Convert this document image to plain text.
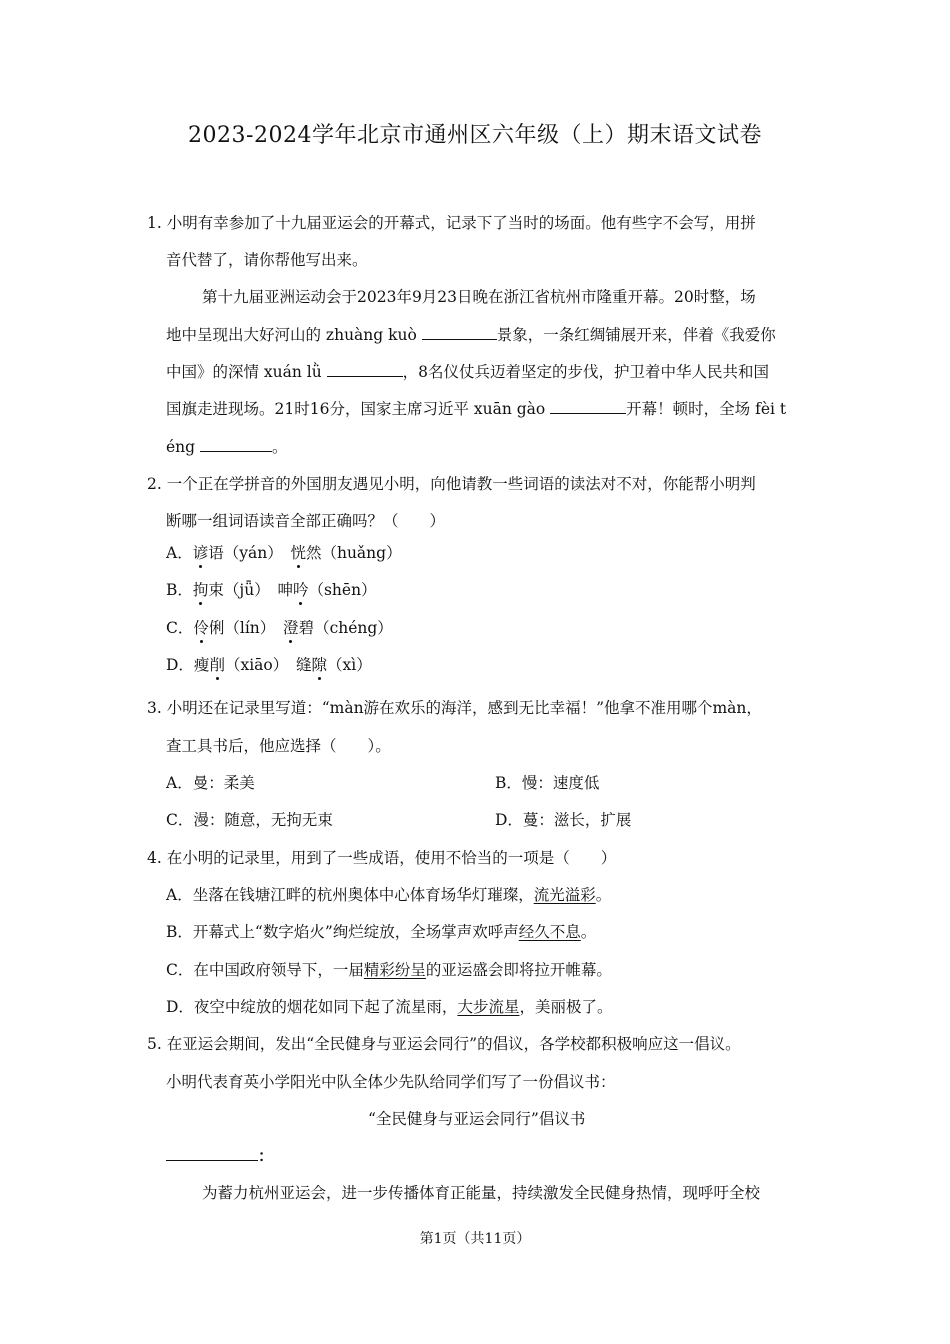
2023-2024学年北京市通州区六年级（上）期末语文试卷
1. 小明有幸参加了十九届亚运会的开幕式，记录下了当时的场面。他有些字不会写，用拼
音代替了，请你帮他写出来。
第十九届亚洲运动会于2023年9月23日晚在浙江省杭州市隆重开幕。20时整，场
地中呈现出大好河山的 zhuàng kuò	景象，一条红绸铺展开来，伴着《我爱你
中国》的深情 xuán lǜ	，8名仪仗兵迈着坚定的步伐，护卫着中华人民共和国
国旗走进现场。21时16分，国家主席习近平 xuān gào	开幕！顿时，全场 fèi t
éng	。
2. 一个正在学拼音的外国朋友遇见小明，向他请教一些词语的读法对不对，你能帮小明判
断哪一组词语读音全部正确吗？（　　）
A．谚语（yán）　恍然（huǎng）
B．拘束（jǖ）　呻吟（shēn）
C．伶俐（lín）　澄碧（chéng）
D．瘦削（xiāo）　缝隙（xì）
3. 小明还在记录里写道：“màn游在欢乐的海洋，感到无比幸福！”他拿不准用哪个màn，
查工具书后，他应选择（　　）。
A．曼：柔美	B．慢：速度低
C．漫：随意，无拘无束	D．蔓：滋长，扩展
4. 在小明的记录里，用到了一些成语，使用不恰当的一项是（　　）
A．坐落在钱塘江畔的杭州奥体中心体育场华灯璀璨，流光溢彩。
B．开幕式上“数字焰火”绚烂绽放，全场掌声欢呼声经久不息。
C．在中国政府领导下，一届精彩纷呈的亚运盛会即将拉开帷幕。
D．夜空中绽放的烟花如同下起了流星雨，大步流星，美丽极了。
5. 在亚运会期间，发出“全民健身与亚运会同行”的倡议，各学校都积极响应这一倡议。
小明代表育英小学阳光中队全体少先队给同学们写了一份倡议书：
“全民健身与亚运会同行”倡议书
：
为蓄力杭州亚运会，进一步传播体育正能量，持续激发全民健身热情，现呼吁全校
第1页（共11页）
